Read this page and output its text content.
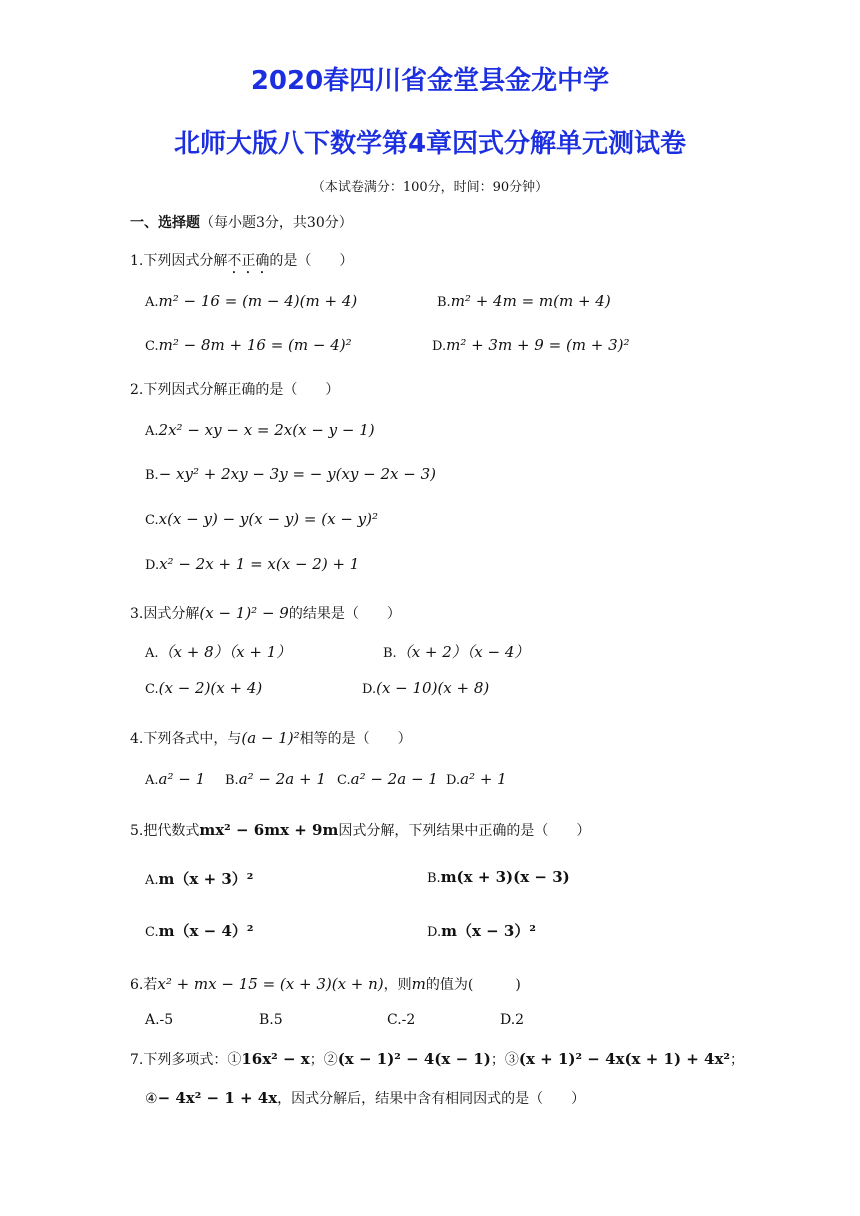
2020春四川省金堂县金龙中学
北师大版八下数学第4章因式分解单元测试卷
（本试卷满分：100分，时间：90分钟）
一、选择题（每小题3分，共30分）
1.下列因式分解不正确的是（　　）
A.m² − 16 = (m − 4)(m + 4)	B.m² + 4m = m(m + 4)
C.m² − 8m + 16 = (m − 4)²	D.m² + 3m + 9 = (m + 3)²
2.下列因式分解正确的是（　　）
A.2x² − xy − x = 2x(x − y − 1)
B.− xy² + 2xy − 3y = − y(xy − 2x − 3)
C.x(x − y) − y(x − y) = (x − y)²
D.x² − 2x + 1 = x(x − 2) + 1
3.因式分解(x − 1)² − 9的结果是（　　）
A.（x + 8）（x + 1）	B.（x + 2）（x − 4）
C.(x − 2)(x + 4)	D.(x − 10)(x + 8)
4.下列各式中，与(a − 1)²相等的是（　　）
A.a² − 1 B.a² − 2a + 1 C.a² − 2a − 1 D.a² + 1
5.把代数式mx² − 6mx + 9m因式分解，下列结果中正确的是（　　）
A.m（x + 3）²	B.m(x + 3)(x − 3)
C.m（x − 4）²	D.m（x − 3）²
6.若x² + mx − 15 = (x + 3)(x + n)，则m的值为(　　　)
A.-5	B.5	C.-2	D.2
7.下列多项式：①16x² − x；②(x − 1)² − 4(x − 1)；③(x + 1)² − 4x(x + 1) + 4x²；
④− 4x² − 1 + 4x，因式分解后，结果中含有相同因式的是（　　）
